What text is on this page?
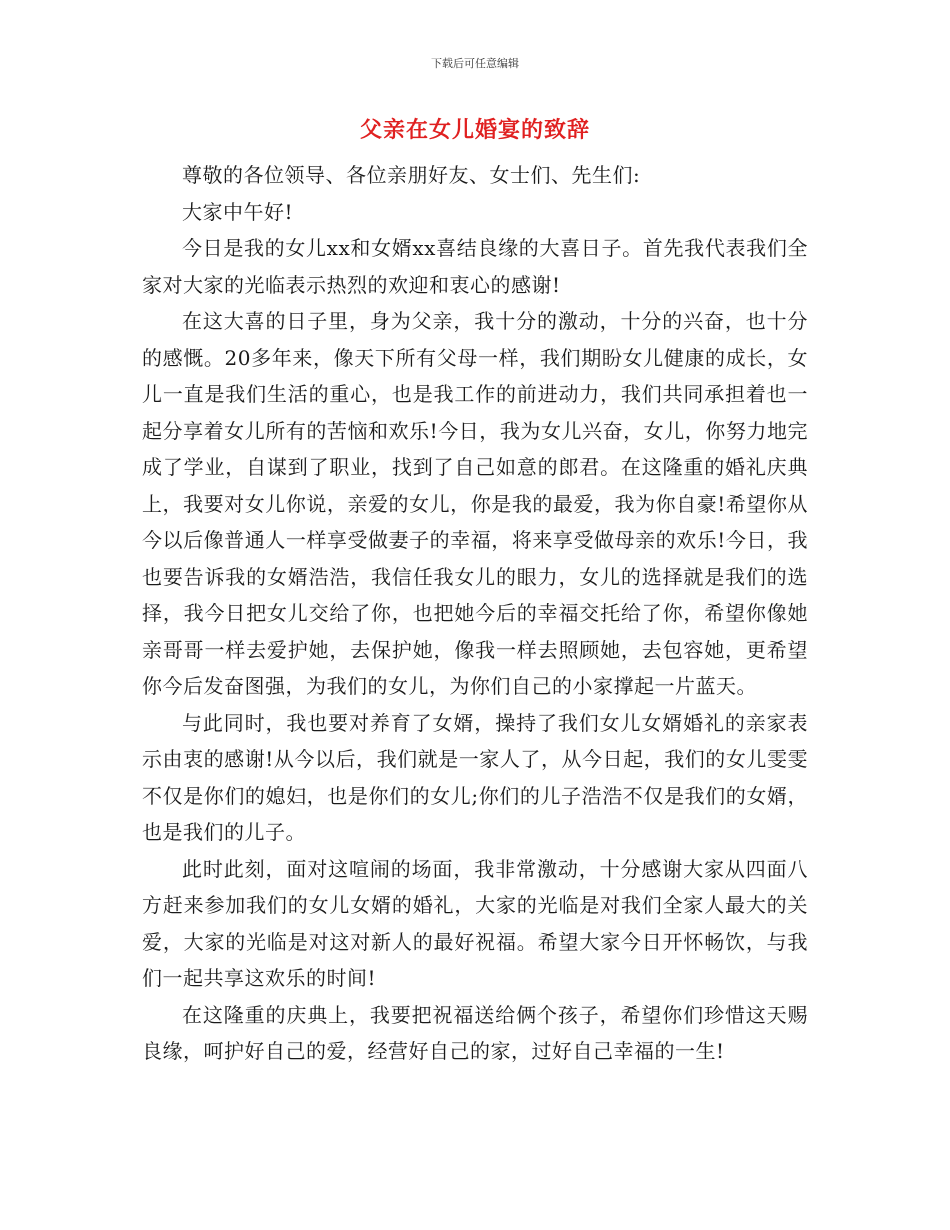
下载后可任意编辑
父亲在女儿婚宴的致辞

尊敬的各位领导、各位亲朋好友、女士们、先生们:

大家中午好!

今日是我的女儿xx和女婿xx喜结良缘的大喜日子。首先我代表我们全家对大家的光临表示热烈的欢迎和衷心的感谢!

在这大喜的日子里，身为父亲，我十分的激动，十分的兴奋，也十分的感慨。20多年来，像天下所有父母一样，我们期盼女儿健康的成长，女儿一直是我们生活的重心，也是我工作的前进动力，我们共同承担着也一起分享着女儿所有的苦恼和欢乐!今日，我为女儿兴奋，女儿，你努力地完成了学业，自谋到了职业，找到了自己如意的郎君。在这隆重的婚礼庆典上，我要对女儿你说，亲爱的女儿，你是我的最爱，我为你自豪!希望你从今以后像普通人一样享受做妻子的幸福，将来享受做母亲的欢乐!今日，我也要告诉我的女婿浩浩，我信任我女儿的眼力，女儿的选择就是我们的选择，我今日把女儿交给了你，也把她今后的幸福交托给了你，希望你像她亲哥哥一样去爱护她，去保护她，像我一样去照顾她，去包容她，更希望你今后发奋图强，为我们的女儿，为你们自己的小家撑起一片蓝天。

与此同时，我也要对养育了女婿，操持了我们女儿女婿婚礼的亲家表示由衷的感谢!从今以后，我们就是一家人了，从今日起，我们的女儿雯雯不仅是你们的媳妇，也是你们的女儿;你们的儿子浩浩不仅是我们的女婿，也是我们的儿子。

此时此刻，面对这喧闹的场面，我非常激动，十分感谢大家从四面八方赶来参加我们的女儿女婿的婚礼，大家的光临是对我们全家人最大的关爱，大家的光临是对这对新人的最好祝福。希望大家今日开怀畅饮，与我们一起共享这欢乐的时间!

在这隆重的庆典上，我要把祝福送给俩个孩子，希望你们珍惜这天赐良缘，呵护好自己的爱，经营好自己的家，过好自己幸福的一生!
